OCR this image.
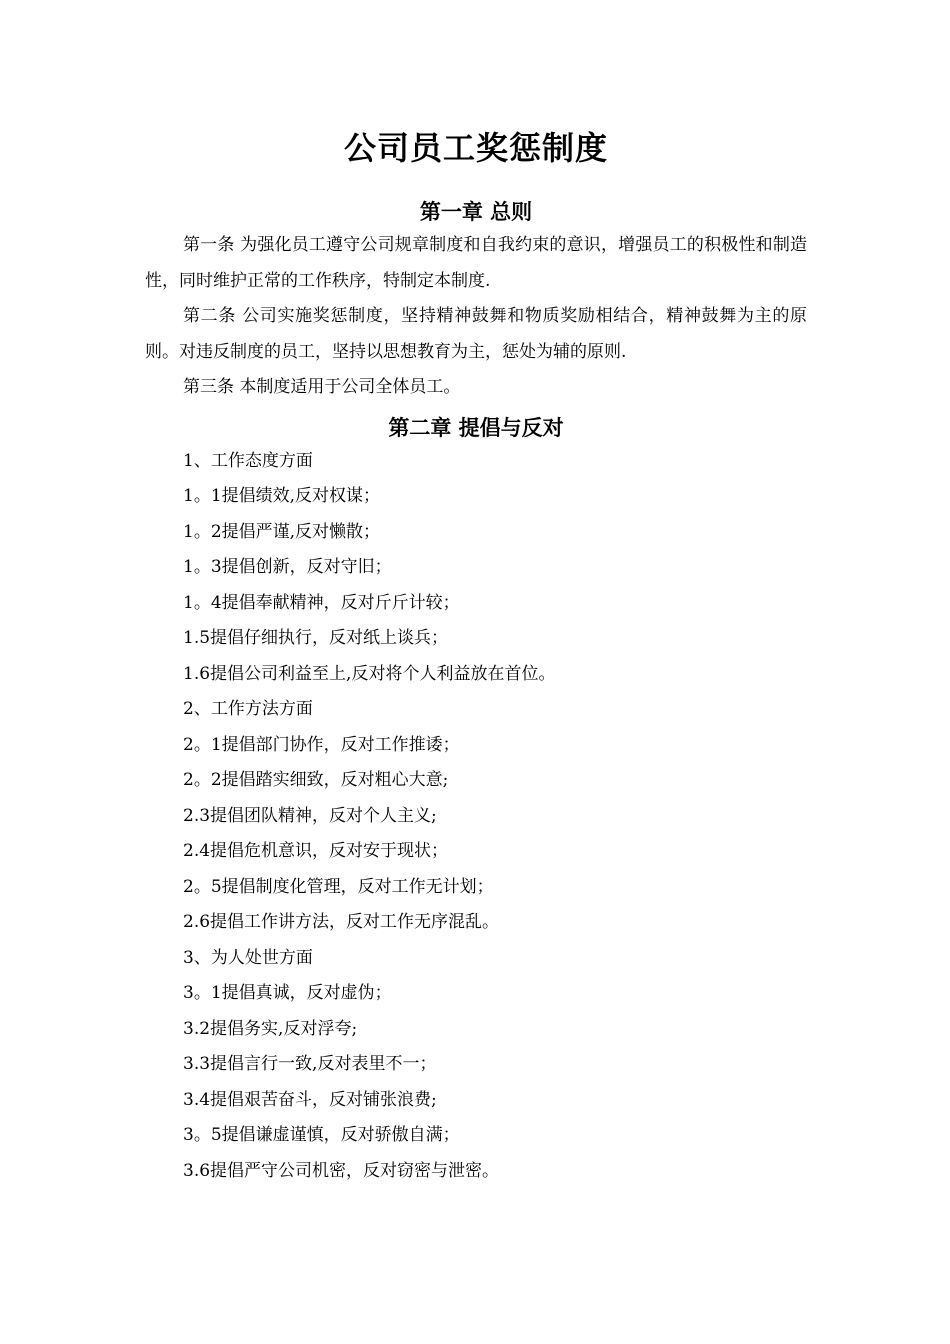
公司员工奖惩制度
第一章 总则

第一条 为强化员工遵守公司规章制度和自我约束的意识，增强员工的积极性和制造性，同时维护正常的工作秩序，特制定本制度.

第二条 公司实施奖惩制度，坚持精神鼓舞和物质奖励相结合，精神鼓舞为主的原则。对违反制度的员工，坚持以思想教育为主，惩处为辅的原则.

第三条 本制度适用于公司全体员工。

第二章 提倡与反对

1、工作态度方面

1。1提倡绩效,反对权谋；

1。2提倡严谨,反对懒散；

1。3提倡创新，反对守旧；

1。4提倡奉献精神，反对斤斤计较；

1.5提倡仔细执行，反对纸上谈兵；

1.6提倡公司利益至上,反对将个人利益放在首位。

2、工作方法方面

2。1提倡部门协作，反对工作推诿；

2。2提倡踏实细致，反对粗心大意;

2.3提倡团队精神，反对个人主义;

2.4提倡危机意识，反对安于现状；

2。5提倡制度化管理，反对工作无计划；

2.6提倡工作讲方法，反对工作无序混乱。

3、为人处世方面

3。1提倡真诚，反对虚伪；

3.2提倡务实,反对浮夸;

3.3提倡言行一致,反对表里不一；

3.4提倡艰苦奋斗，反对铺张浪费;

3。5提倡谦虚谨慎，反对骄傲自满；

3.6提倡严守公司机密，反对窃密与泄密。
